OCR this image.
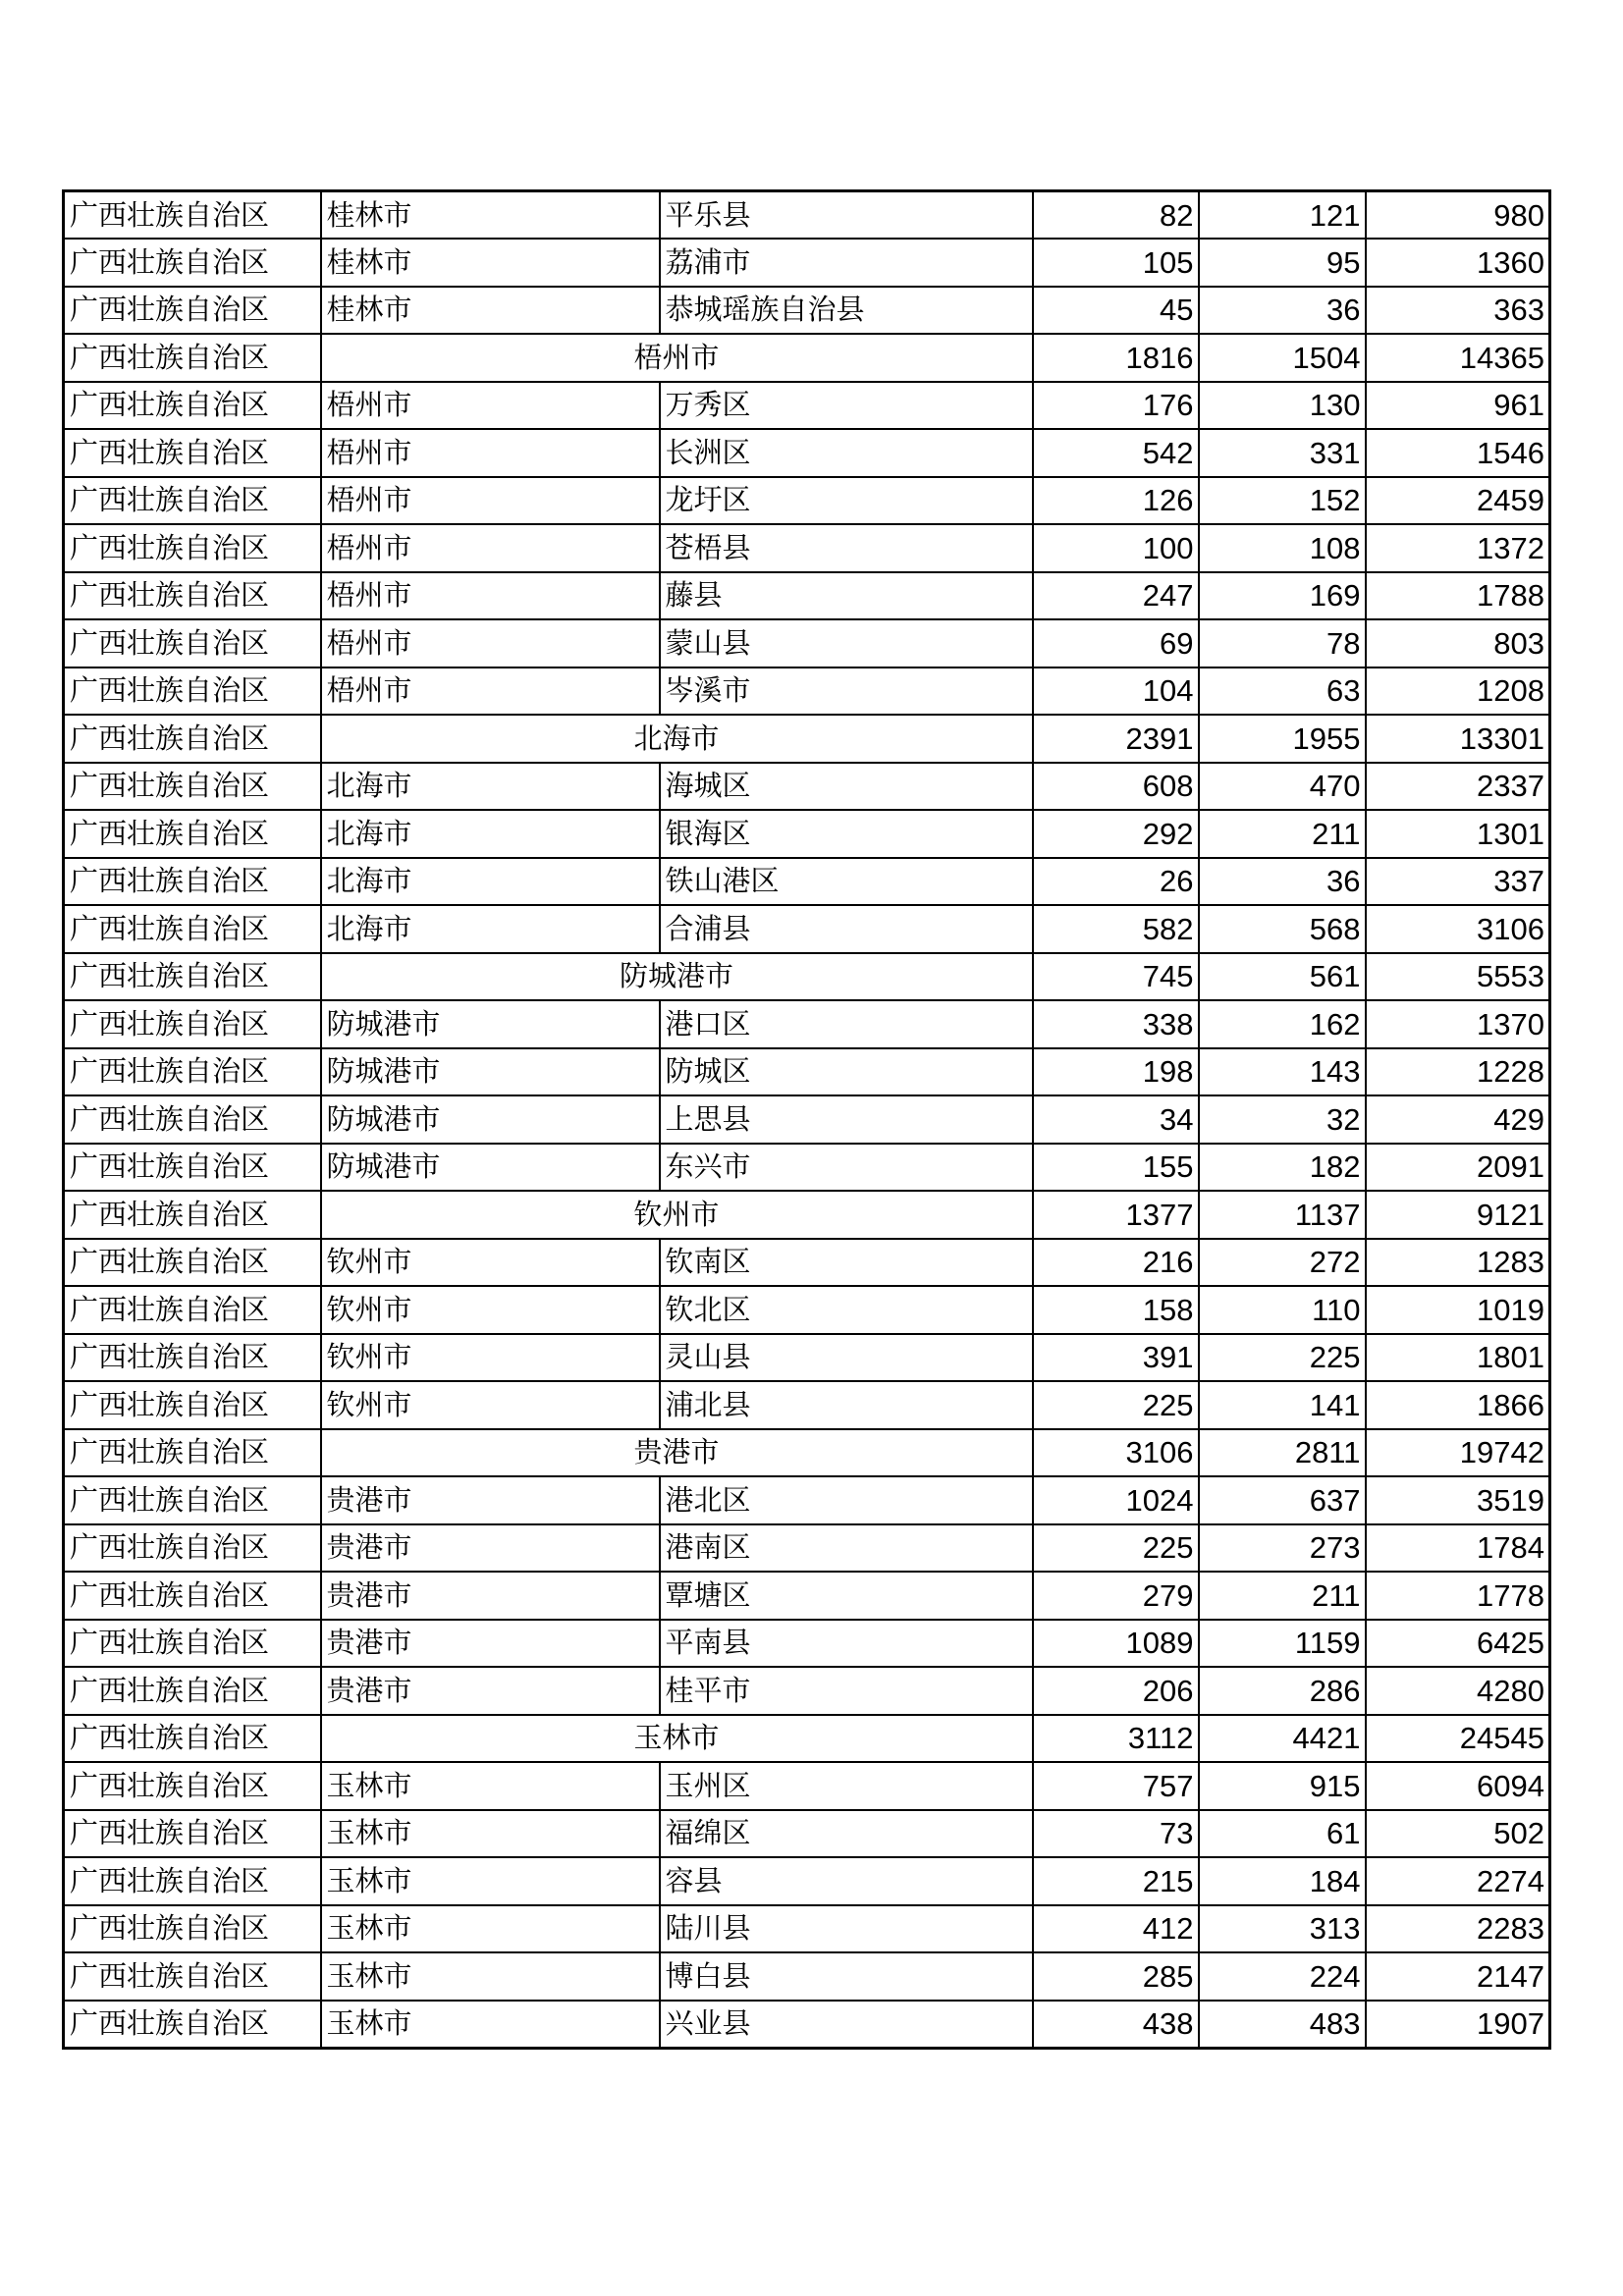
广西壮族自治区	桂林市	平乐县	82	121	980
广西壮族自治区	桂林市	荔浦市	105	95	1360
广西壮族自治区	桂林市	恭城瑶族自治县	45	36	363
广西壮族自治区	梧州市		1816	1504	14365
广西壮族自治区	梧州市	万秀区	176	130	961
广西壮族自治区	梧州市	长洲区	542	331	1546
广西壮族自治区	梧州市	龙圩区	126	152	2459
广西壮族自治区	梧州市	苍梧县	100	108	1372
广西壮族自治区	梧州市	藤县	247	169	1788
广西壮族自治区	梧州市	蒙山县	69	78	803
广西壮族自治区	梧州市	岑溪市	104	63	1208
广西壮族自治区	北海市		2391	1955	13301
广西壮族自治区	北海市	海城区	608	470	2337
广西壮族自治区	北海市	银海区	292	211	1301
广西壮族自治区	北海市	铁山港区	26	36	337
广西壮族自治区	北海市	合浦县	582	568	3106
广西壮族自治区	防城港市		745	561	5553
广西壮族自治区	防城港市	港口区	338	162	1370
广西壮族自治区	防城港市	防城区	198	143	1228
广西壮族自治区	防城港市	上思县	34	32	429
广西壮族自治区	防城港市	东兴市	155	182	2091
广西壮族自治区	钦州市		1377	1137	9121
广西壮族自治区	钦州市	钦南区	216	272	1283
广西壮族自治区	钦州市	钦北区	158	110	1019
广西壮族自治区	钦州市	灵山县	391	225	1801
广西壮族自治区	钦州市	浦北县	225	141	1866
广西壮族自治区	贵港市		3106	2811	19742
广西壮族自治区	贵港市	港北区	1024	637	3519
广西壮族自治区	贵港市	港南区	225	273	1784
广西壮族自治区	贵港市	覃塘区	279	211	1778
广西壮族自治区	贵港市	平南县	1089	1159	6425
广西壮族自治区	贵港市	桂平市	206	286	4280
广西壮族自治区	玉林市		3112	4421	24545
广西壮族自治区	玉林市	玉州区	757	915	6094
广西壮族自治区	玉林市	福绵区	73	61	502
广西壮族自治区	玉林市	容县	215	184	2274
广西壮族自治区	玉林市	陆川县	412	313	2283
广西壮族自治区	玉林市	博白县	285	224	2147
广西壮族自治区	玉林市	兴业县	438	483	1907
